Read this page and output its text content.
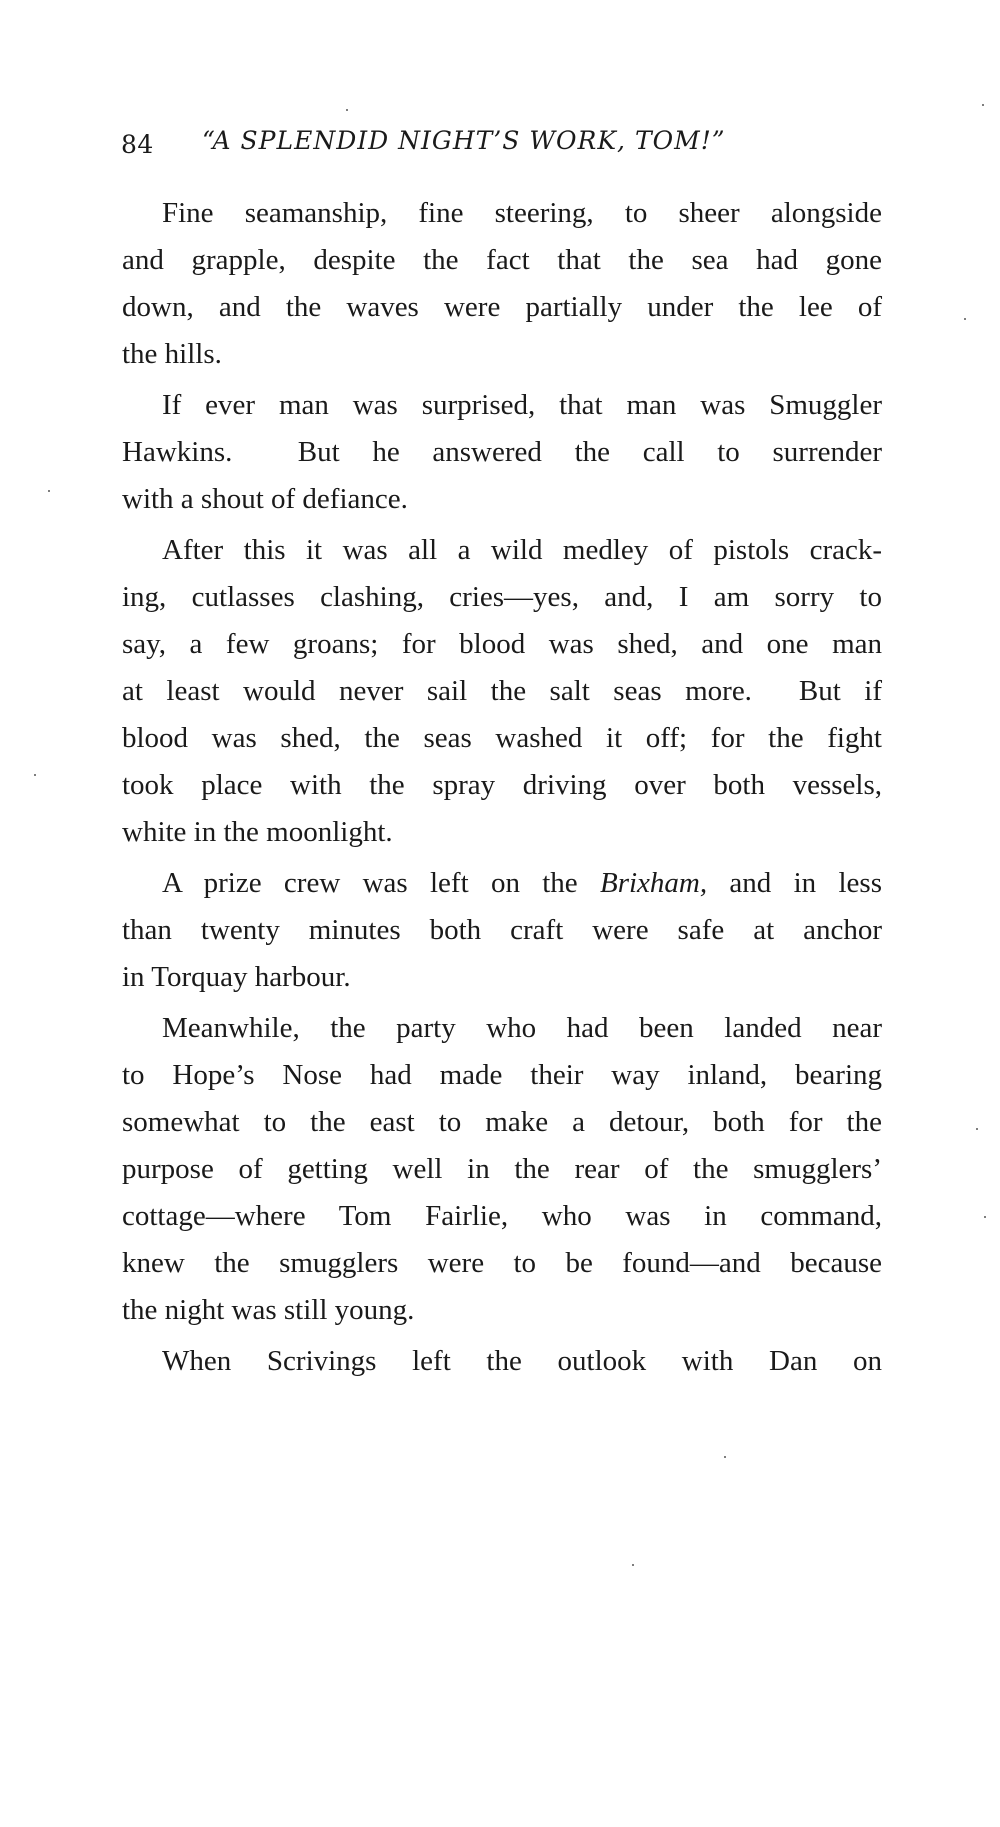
84 “A SPLENDID NIGHT’S WORK, TOM!”
Fine seamanship, fine steering, to sheer alongside
and grapple, despite the fact that the sea had gone
down, and the waves were partially under the lee of
the hills.
If ever man was surprised, that man was Smuggler
Hawkins.  But he answered the call to surrender
with a shout of defiance.
After this it was all a wild medley of pistols crack-
ing, cutlasses clashing, cries—yes, and, I am sorry to
say, a few groans; for blood was shed, and one man
at least would never sail the salt seas more.  But if
blood was shed, the seas washed it off; for the fight
took place with the spray driving over both vessels,
white in the moonlight.
A prize crew was left on the Brixham, and in less
than twenty minutes both craft were safe at anchor
in Torquay harbour.
Meanwhile, the party who had been landed near
to Hope’s Nose had made their way inland, bearing
somewhat to the east to make a detour, both for the
purpose of getting well in the rear of the smugglers’
cottage—where Tom Fairlie, who was in command,
knew the smugglers were to be found—and because
the night was still young.
When Scrivings left the outlook with Dan on
